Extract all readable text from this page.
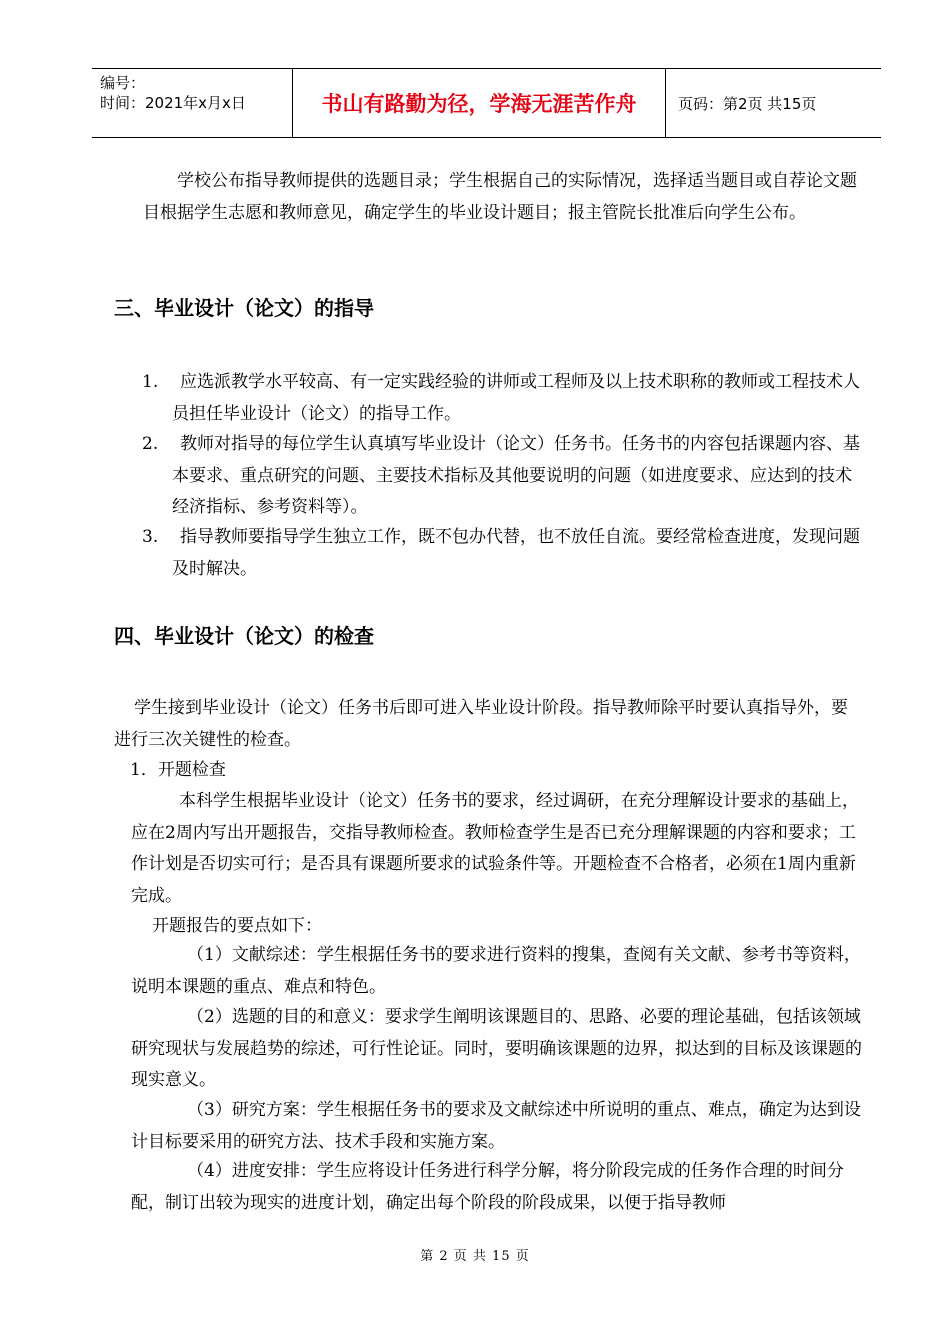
编号：
时间：2021年x月x日	书山有路勤为径，学海无涯苦作舟	页码：第2页 共15页

学校公布指导教师提供的选题目录；学生根据自己的实际情况，选择适当题目或自荐论文题目根据学生志愿和教师意见，确定学生的毕业设计题目；报主管院长批准后向学生公布。

三、毕业设计（论文）的指导
1.	应选派教学水平较高、有一定实践经验的讲师或工程师及以上技术职称的教师或工程技术人员担任毕业设计（论文）的指导工作。

2.	教师对指导的每位学生认真填写毕业设计（论文）任务书。任务书的内容包括课题内容、基本要求、重点研究的问题、主要技术指标及其他要说明的问题（如进度要求、应达到的技术经济指标、参考资料等）。

3.	指导教师要指导学生独立工作，既不包办代替，也不放任自流。要经常检查进度，发现问题及时解决。

四、毕业设计（论文）的检查

学生接到毕业设计（论文）任务书后即可进入毕业设计阶段。指导教师除平时要认真指导外，要进行三次关键性的检查。

1．开题检查

本科学生根据毕业设计（论文）任务书的要求，经过调研，在充分理解设计要求的基础上，应在2周内写出开题报告，交指导教师检查。教师检查学生是否已充分理解课题的内容和要求；工作计划是否切实可行；是否具有课题所要求的试验条件等。开题检查不合格者，必须在1周内重新完成。

开题报告的要点如下：

（1）文献综述：学生根据任务书的要求进行资料的搜集，查阅有关文献、参考书等资料，说明本课题的重点、难点和特色。

（2）选题的目的和意义：要求学生阐明该课题目的、思路、必要的理论基础，包括该领域研究现状与发展趋势的综述，可行性论证。同时，要明确该课题的边界，拟达到的目标及该课题的现实意义。

（3）研究方案：学生根据任务书的要求及文献综述中所说明的重点、难点，确定为达到设计目标要采用的研究方法、技术手段和实施方案。

（4）进度安排：学生应将设计任务进行科学分解，将分阶段完成的任务作合理的时间分配，制订出较为现实的进度计划，确定出每个阶段的阶段成果，以便于指导教师

第 2 页 共 15 页
